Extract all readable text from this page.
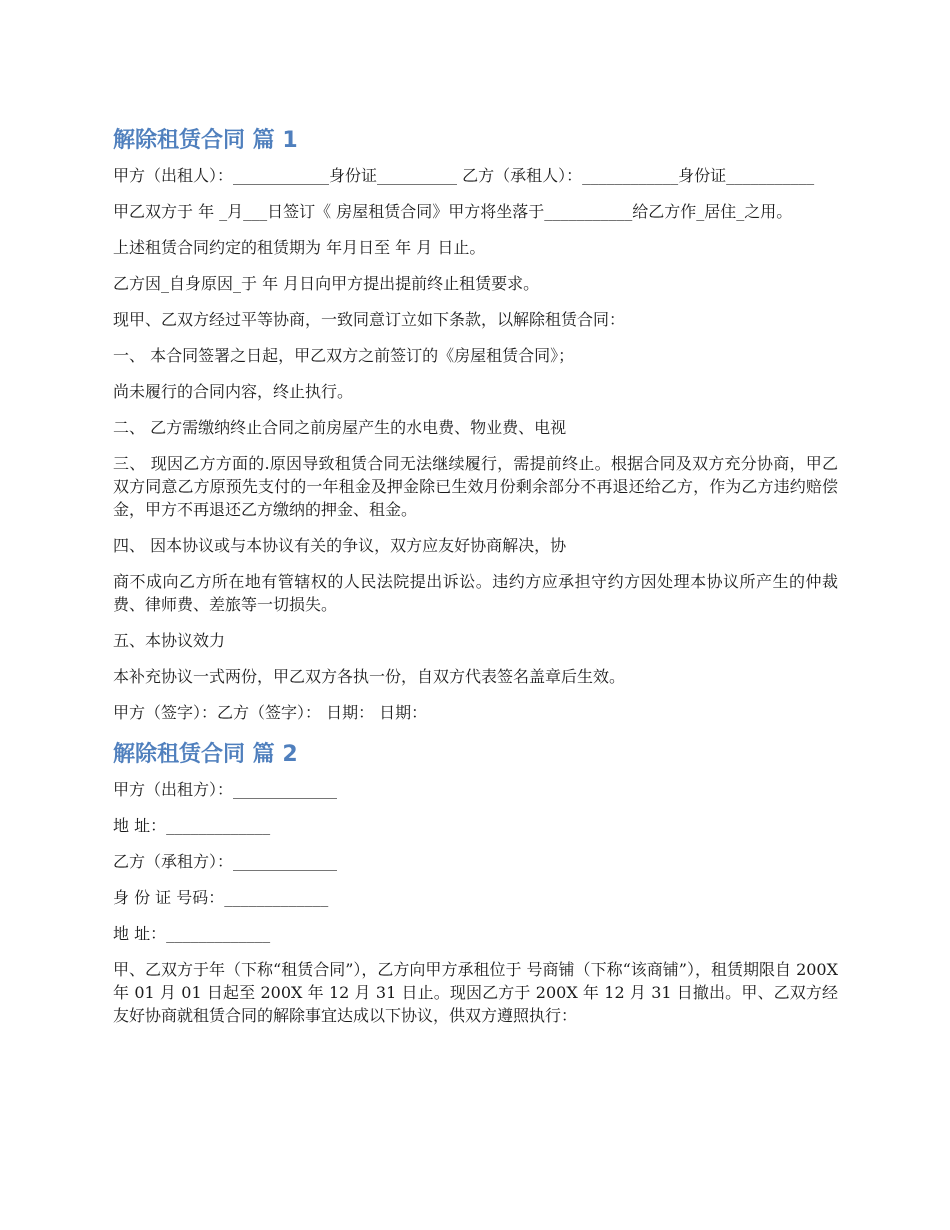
解除租赁合同 篇 1

甲方（出租人）：____________身份证__________ 乙方（承租人）：____________身份证___________

甲乙双方于 年 _月___日签订《 房屋租赁合同》甲方将坐落于___________给乙方作_居住_之用。

上述租赁合同约定的租赁期为 年月日至 年 月 日止。

乙方因_自身原因_于 年 月日向甲方提出提前终止租赁要求。

现甲、乙双方经过平等协商，一致同意订立如下条款，以解除租赁合同：

一、 本合同签署之日起，甲乙双方之前签订的《房屋租赁合同》；

尚未履行的合同内容，终止执行。

二、 乙方需缴纳终止合同之前房屋产生的水电费、物业费、电视

三、 现因乙方方面的.原因导致租赁合同无法继续履行，需提前终止。根据合同及双方充分协商，甲乙双方同意乙方原预先支付的一年租金及押金除已生效月份剩余部分不再退还给乙方，作为乙方违约赔偿金，甲方不再退还乙方缴纳的押金、租金。

四、 因本协议或与本协议有关的争议，双方应友好协商解决，协

商不成向乙方所在地有管辖权的人民法院提出诉讼。违约方应承担守约方因处理本协议所产生的仲裁费、律师费、差旅等一切损失。

五、本协议效力

本补充协议一式两份，甲乙双方各执一份，自双方代表签名盖章后生效。

甲方（签字）：乙方（签字）： 日期： 日期：

解除租赁合同 篇 2

甲方（出租方）：_____________

地 址：_____________

乙方（承租方）：_____________

身 份 证 号码：_____________

地 址：_____________

甲、乙双方于年（下称“租赁合同”），乙方向甲方承租位于 号商铺（下称“该商铺”），租赁期限自 200X 年 01 月 01 日起至 200X 年 12 月 31 日止。现因乙方于 200X 年 12 月 31 日撤出。甲、乙双方经友好协商就租赁合同的解除事宜达成以下协议，供双方遵照执行：
